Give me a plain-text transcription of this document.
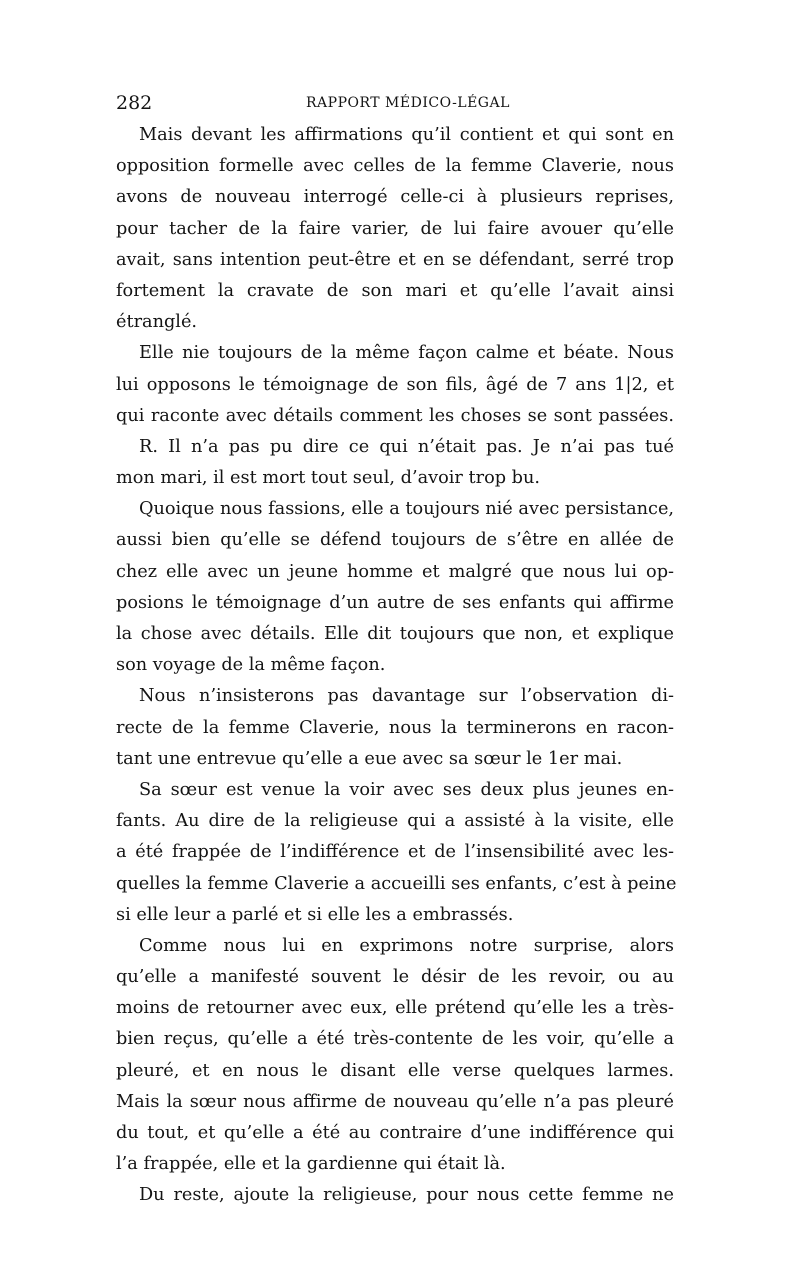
282	RAPPORT MÉDICO-LÉGAL
Mais devant les affirmations qu’il contient et qui sont en
opposition formelle avec celles de la femme Claverie, nous
avons de nouveau interrogé celle-ci à plusieurs reprises,
pour tacher de la faire varier, de lui faire avouer qu’elle
avait, sans intention peut-être et en se défendant, serré trop
fortement la cravate de son mari et qu’elle l’avait ainsi
étranglé.
Elle nie toujours de la même façon calme et béate. Nous
lui opposons le témoignage de son fils, âgé de 7 ans 1|2, et
qui raconte avec détails comment les choses se sont passées.
R. Il n’a pas pu dire ce qui n’était pas. Je n’ai pas tué
mon mari, il est mort tout seul, d’avoir trop bu.
Quoique nous fassions, elle a toujours nié avec persistance,
aussi bien qu’elle se défend toujours de s’être en allée de
chez elle avec un jeune homme et malgré que nous lui op-
posions le témoignage d’un autre de ses enfants qui affirme
la chose avec détails. Elle dit toujours que non, et explique
son voyage de la même façon.
Nous n’insisterons pas davantage sur l’observation di-
recte de la femme Claverie, nous la terminerons en racon-
tant une entrevue qu’elle a eue avec sa sœur le 1er mai.
Sa sœur est venue la voir avec ses deux plus jeunes en-
fants. Au dire de la religieuse qui a assisté à la visite, elle
a été frappée de l’indifférence et de l’insensibilité avec les-
quelles la femme Claverie a accueilli ses enfants, c’est à peine
si elle leur a parlé et si elle les a embrassés.
Comme nous lui en exprimons notre surprise, alors
qu’elle a manifesté souvent le désir de les revoir, ou au
moins de retourner avec eux, elle prétend qu’elle les a très-
bien reçus, qu’elle a été très-contente de les voir, qu’elle a
pleuré, et en nous le disant elle verse quelques larmes.
Mais la sœur nous affirme de nouveau qu’elle n’a pas pleuré
du tout, et qu’elle a été au contraire d’une indifférence qui
l’a frappée, elle et la gardienne qui était là.
Du reste, ajoute la religieuse, pour nous cette femme ne
